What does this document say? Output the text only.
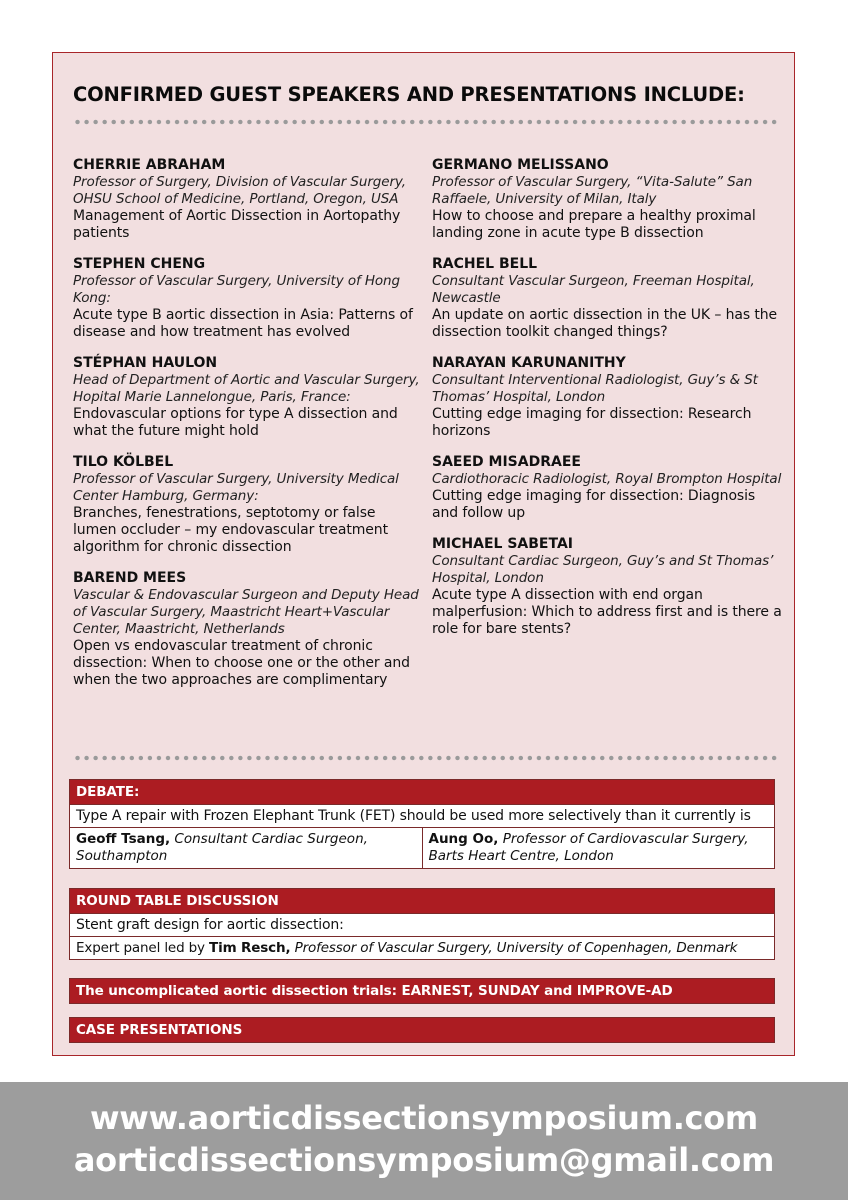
CONFIRMED GUEST SPEAKERS AND PRESENTATIONS INCLUDE:
CHERRIE ABRAHAM
Professor of Surgery, Division of Vascular Surgery, OHSU School of Medicine, Portland, Oregon, USA
Management of Aortic Dissection in Aortopathy patients
STEPHEN CHENG
Professor of Vascular Surgery, University of Hong Kong:
Acute type B aortic dissection in Asia: Patterns of disease and how treatment has evolved
STÉPHAN HAULON
Head of Department of Aortic and Vascular Surgery, Hopital Marie Lannelongue, Paris, France:
Endovascular options for type A dissection and what the future might hold
TILO KÖLBEL
Professor of Vascular Surgery, University Medical Center Hamburg, Germany:
Branches, fenestrations, septotomy or false lumen occluder – my endovascular treatment algorithm for chronic dissection
BAREND MEES
Vascular & Endovascular Surgeon and Deputy Head of Vascular Surgery, Maastricht Heart+Vascular Center, Maastricht, Netherlands
Open vs endovascular treatment of chronic dissection: When to choose one or the other and when the two approaches are complimentary
GERMANO MELISSANO
Professor of Vascular Surgery, “Vita-Salute” San Raffaele, University of Milan, Italy
How to choose and prepare a healthy proximal landing zone in acute type B dissection
RACHEL BELL
Consultant Vascular Surgeon, Freeman Hospital, Newcastle
An update on aortic dissection in the UK – has the dissection toolkit changed things?
NARAYAN KARUNANITHY
Consultant Interventional Radiologist, Guy’s & St Thomas’ Hospital, London
Cutting edge imaging for dissection: Research horizons
SAEED MISADRAEE
Cardiothoracic Radiologist, Royal Brompton Hospital
Cutting edge imaging for dissection: Diagnosis and follow up
MICHAEL SABETAI
Consultant Cardiac Surgeon, Guy’s and St Thomas’ Hospital, London
Acute type A dissection with end organ malperfusion: Which to address first and is there a role for bare stents?
DEBATE:
Type A repair with Frozen Elephant Trunk (FET) should be used more selectively than it currently is
Geoff Tsang, Consultant Cardiac Surgeon, Southampton
Aung Oo, Professor of Cardiovascular Surgery, Barts Heart Centre, London
ROUND TABLE DISCUSSION
Stent graft design for aortic dissection:
Expert panel led by Tim Resch, Professor of Vascular Surgery, University of Copenhagen, Denmark
The uncomplicated aortic dissection trials: EARNEST, SUNDAY and IMPROVE-AD
CASE PRESENTATIONS
www.aorticdissectionsymposium.com
aorticdissectionsymposium@gmail.com
